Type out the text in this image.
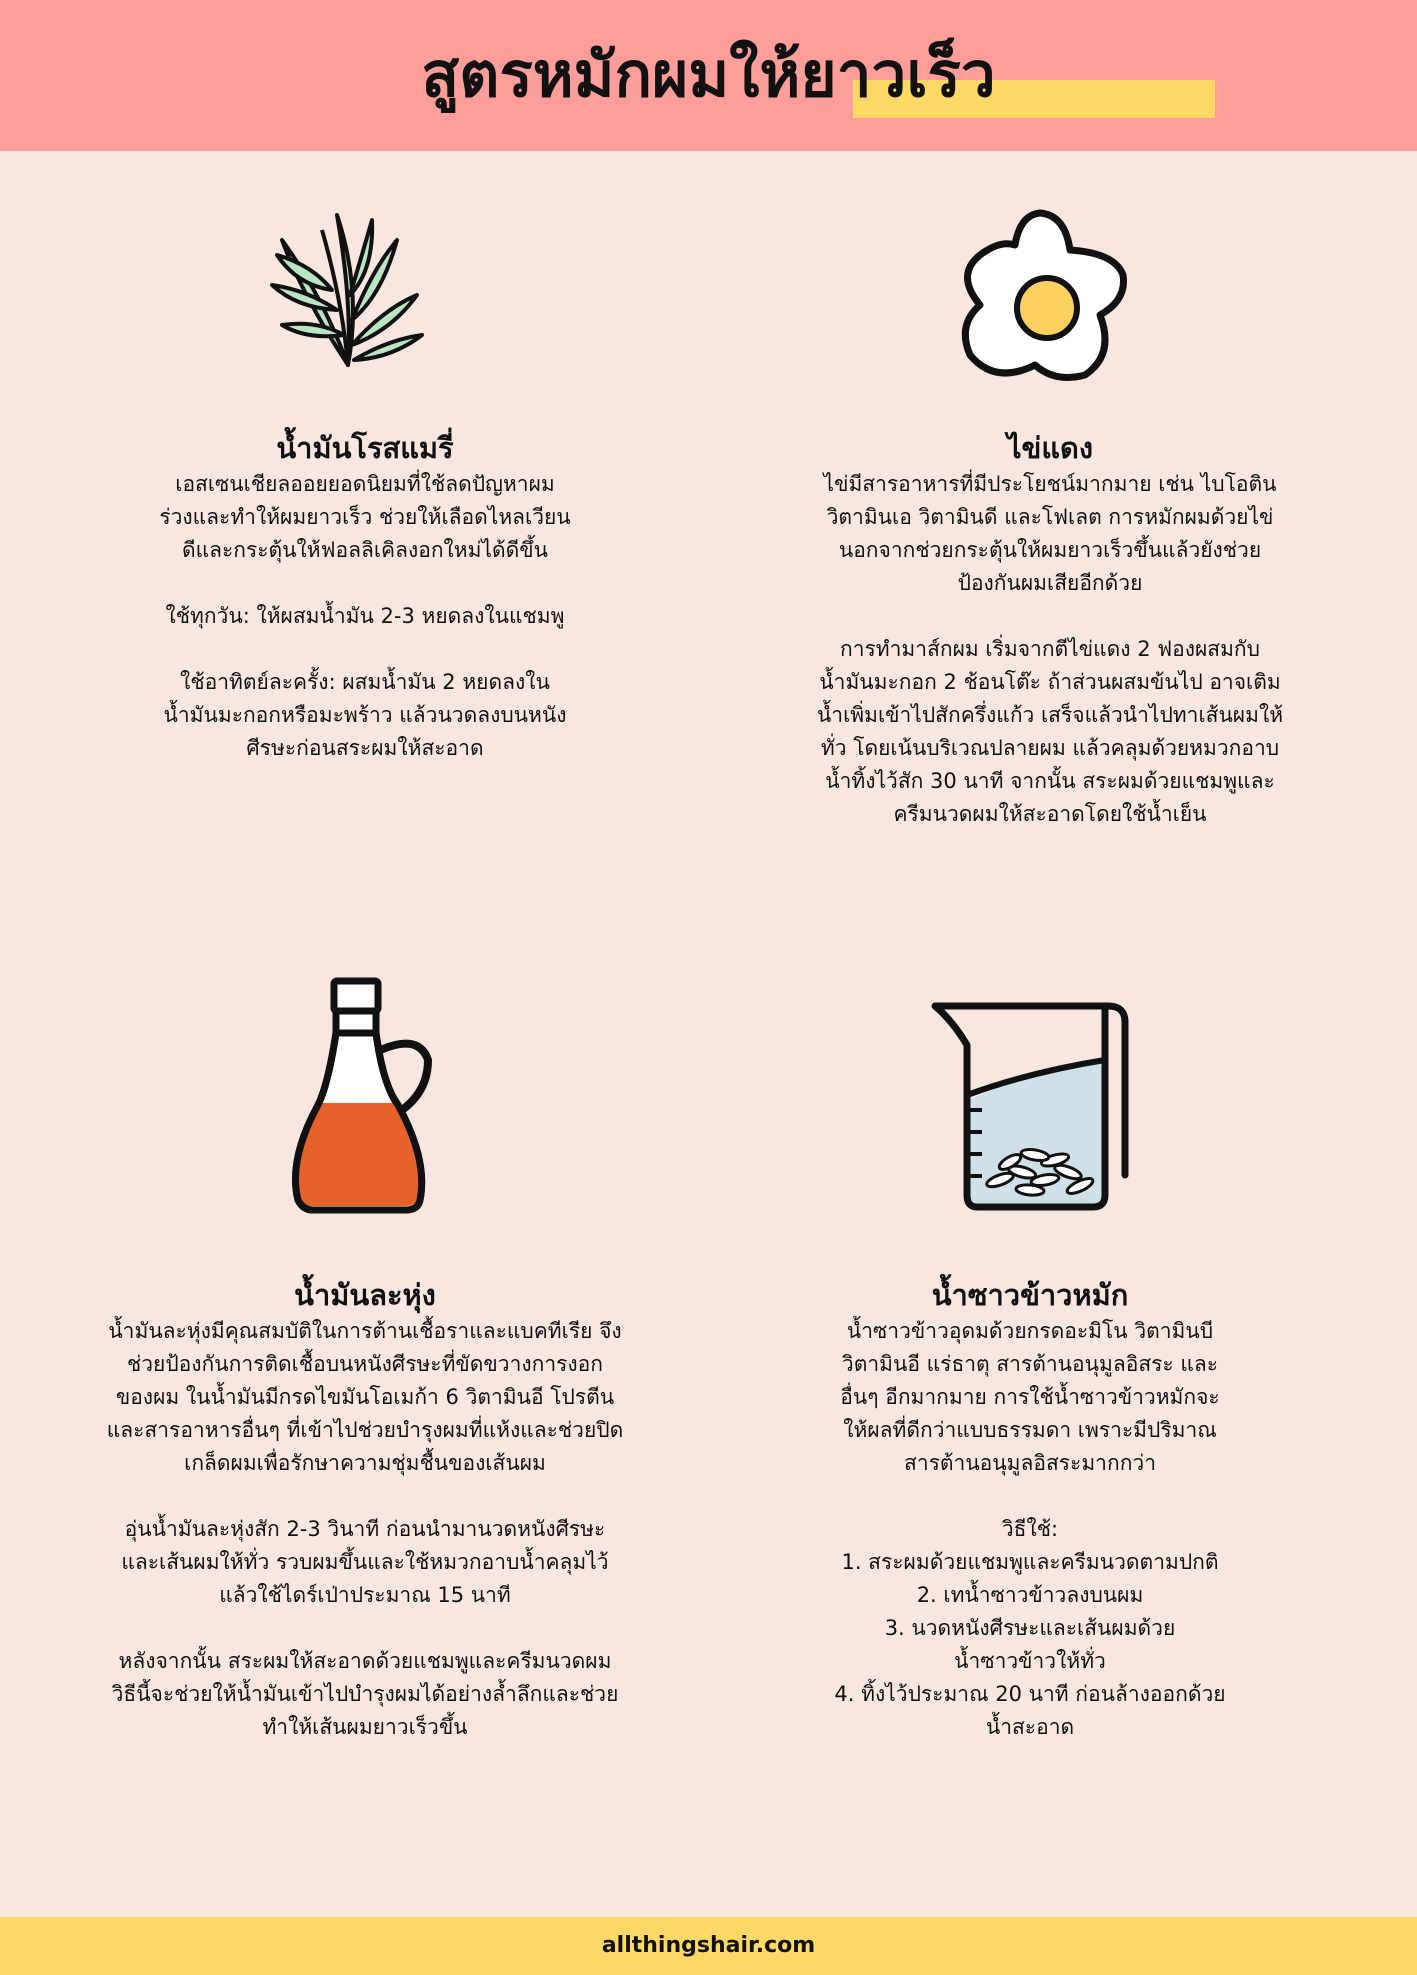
สูตรหมักผมให้ยาวเร็ว
น้ำมันโรสแมรี่

เอสเซนเชียลออยยอดนิยมที่ใช้ลดปัญหาผม

ร่วงและทำให้ผมยาวเร็ว ช่วยให้เลือดไหลเวียน

ดีและกระตุ้นให้ฟอลลิเคิลงอกใหม่ได้ดีขึ้น

ใช้ทุกวัน: ให้ผสมน้ำมัน 2-3 หยดลงในแชมพู

ใช้อาทิตย์ละครั้ง: ผสมน้ำมัน 2 หยดลงใน

น้ำมันมะกอกหรือมะพร้าว แล้วนวดลงบนหนัง

ศีรษะก่อนสระผมให้สะอาด

ไข่แดง

ไข่มีสารอาหารที่มีประโยชน์มากมาย เช่น ไบโอติน

วิตามินเอ วิตามินดี และโฟเลต การหมักผมด้วยไข่

นอกจากช่วยกระตุ้นให้ผมยาวเร็วขึ้นแล้วยังช่วย

ป้องกันผมเสียอีกด้วย

การทำมาส์กผม เริ่มจากตีไข่แดง 2 ฟองผสมกับ

น้ำมันมะกอก 2 ช้อนโต๊ะ ถ้าส่วนผสมข้นไป อาจเติม

น้ำเพิ่มเข้าไปสักครึ่งแก้ว เสร็จแล้วนำไปทาเส้นผมให้

ทั่ว โดยเน้นบริเวณปลายผม แล้วคลุมด้วยหมวกอาบ

น้ำทิ้งไว้สัก 30 นาที จากนั้น สระผมด้วยแชมพูและ

ครีมนวดผมให้สะอาดโดยใช้น้ำเย็น

น้ำมันละหุ่ง

น้ำมันละหุ่งมีคุณสมบัติในการต้านเชื้อราและแบคทีเรีย จึง

ช่วยป้องกันการติดเชื้อบนหนังศีรษะที่ขัดขวางการงอก

ของผม ในน้ำมันมีกรดไขมันโอเมก้า 6 วิตามินอี โปรตีน

และสารอาหารอื่นๆ ที่เข้าไปช่วยบำรุงผมที่แห้งและช่วยปิด

เกล็ดผมเพื่อรักษาความชุ่มชื้นของเส้นผม

อุ่นน้ำมันละหุ่งสัก 2-3 วินาที ก่อนนำมานวดหนังศีรษะ

และเส้นผมให้ทั่ว รวบผมขึ้นและใช้หมวกอาบน้ำคลุมไว้

แล้วใช้ไดร์เป่าประมาณ 15 นาที

หลังจากนั้น สระผมให้สะอาดด้วยแชมพูและครีมนวดผม

วิธีนี้จะช่วยให้น้ำมันเข้าไปบำรุงผมได้อย่างล้ำลึกและช่วย

ทำให้เส้นผมยาวเร็วขึ้น

น้ำซาวข้าวหมัก

น้ำซาวข้าวอุดมด้วยกรดอะมิโน วิตามินบี

วิตามินอี แร่ธาตุ สารต้านอนุมูลอิสระ และ

อื่นๆ อีกมากมาย การใช้น้ำซาวข้าวหมักจะ

ให้ผลที่ดีกว่าแบบธรรมดา เพราะมีปริมาณ

สารต้านอนุมูลอิสระมากกว่า

วิธีใช้:

1. สระผมด้วยแชมพูและครีมนวดตามปกติ
2. เทน้ำซาวข้าวลงบนผม
3. นวดหนังศีรษะและเส้นผมด้วย
น้ำซาวข้าวให้ทั่ว
4. ทิ้งไว้ประมาณ 20 นาที ก่อนล้างออกด้วย
น้ำสะอาด
allthingshair.com
